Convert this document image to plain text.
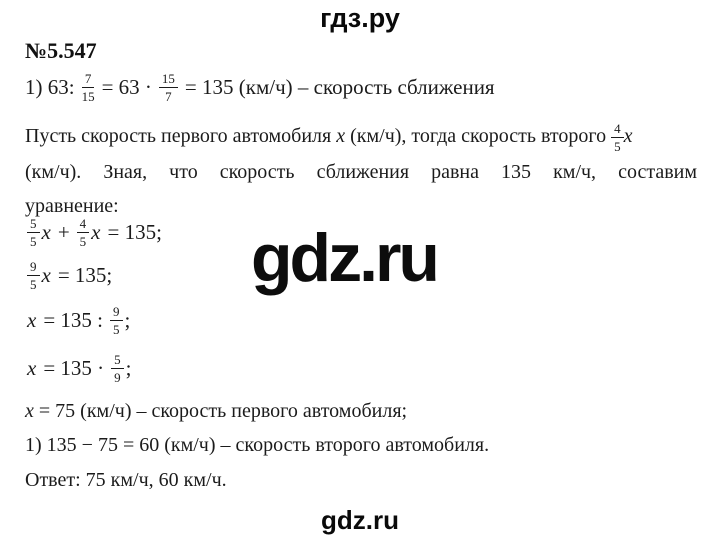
гдз.ру
№5.547
1) 63: $\frac{7}{15} = 63 \cdot \frac{15}{7} = 135$ (км/ч) – скорость сближения
Пусть скорость первого автомобиля x (км/ч), тогда скорость второго $\frac{4}{5}$ x
(км/ч). Зная, что скорость сближения равна 135 км/ч, составим
уравнение:
$\frac{5}{5}$ $x + \frac{4}{5}$ x = 135;
$\frac{9}{5}$ x = 135;
x = 135 : $\frac{9}{5}$ ;
$x = 135 \cdot \frac{5}{9}$ ;
x = 75 (км/ч) – скорость первого автомобиля;
1) 135 − 75 = 60 (км/ч) – скорость второго автомобиля.
Ответ: 75 км/ч, 60 км/ч.
gdz.ru
gdz.ru
